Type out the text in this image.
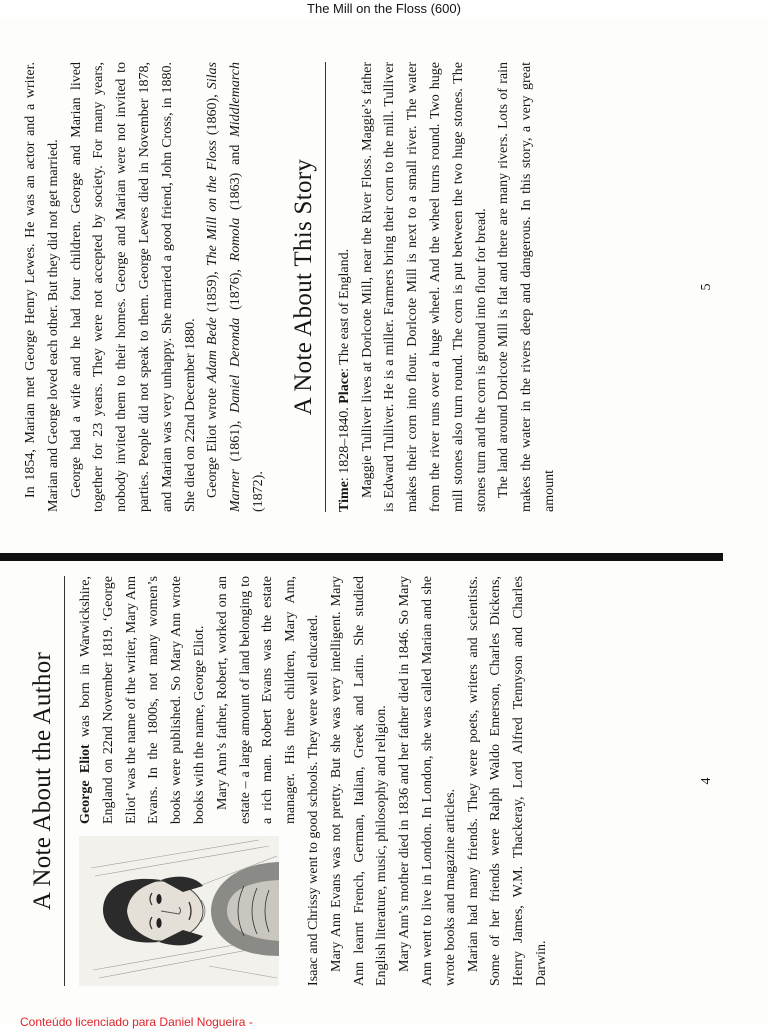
The Mill on the Floss (600)
A Note About the Author	George Eliot was born in Warwickshire, England on 22nd November 1819. ‘George Eliot’ was the name of the writer, Mary Ann Evans. In the 1800s, not many women’s books were published. So Mary Ann wrote books with the name, George Eliot. Mary Ann’s father, Robert, worked on an estate – a large amount of land belonging to a rich man. Robert Evans was the estate manager. His three children, Mary Ann, Isaac and Chrissy went to good schools. They were well educated. Mary Ann Evans was not pretty. But she was very intelligent. Mary Ann learnt French, German, Italian, Greek and Latin. She studied English literature, music, philosophy and religion. Mary Ann’s mother died in 1836 and her father died in 1846. So Mary Ann went to live in London. In London, she was called Marian and she wrote books and magazine articles. Marian had many friends. They were poets, writers and scientists. Some of her friends were Ralph Waldo Emerson, Charles Dickens, Henry James, W.M. Thackeray, Lord Alfred Tennyson and Charles Darwin.

4

In 1854, Marian met George Henry Lewes. He was an actor and a writer. Marian and George loved each other. But they did not get married. George had a wife and he had four children. George and Marian lived together for 23 years. They were not accepted by society. For many years, nobody invited them to their homes. George and Marian were not invited to parties. People did not speak to them. George Lewes died in November 1878, and Marian was very unhappy. She married a good friend, John Cross, in 1880. She died on 22nd December 1880. George Eliot wrote Adam Bede (1859), The Mill on the Floss (1860), Silas Marner (1861), Daniel Deronda (1876), Romola (1863) and Middlemarch (1872).

A Note About This Story

Time: 1828–1840. Place: The east of England. Maggie Tulliver lives at Dorlcote Mill, near the River Floss. Maggie’s father is Edward Tulliver. He is a miller. Farmers bring their corn to the mill. Tulliver makes their corn into flour. Dorlcote Mill is next to a small river. The water from the river runs over a huge wheel. And the wheel turns round. Two huge mill stones also turn round. The corn is put between the two huge stones. The stones turn and the corn is ground into flour for bread. The land around Dorlcote Mill is flat and there are many rivers. Lots of rain makes the water in the rivers deep and dangerous. In this story, a very great amount

5
Conteúdo licenciado para Daniel Nogueira -
